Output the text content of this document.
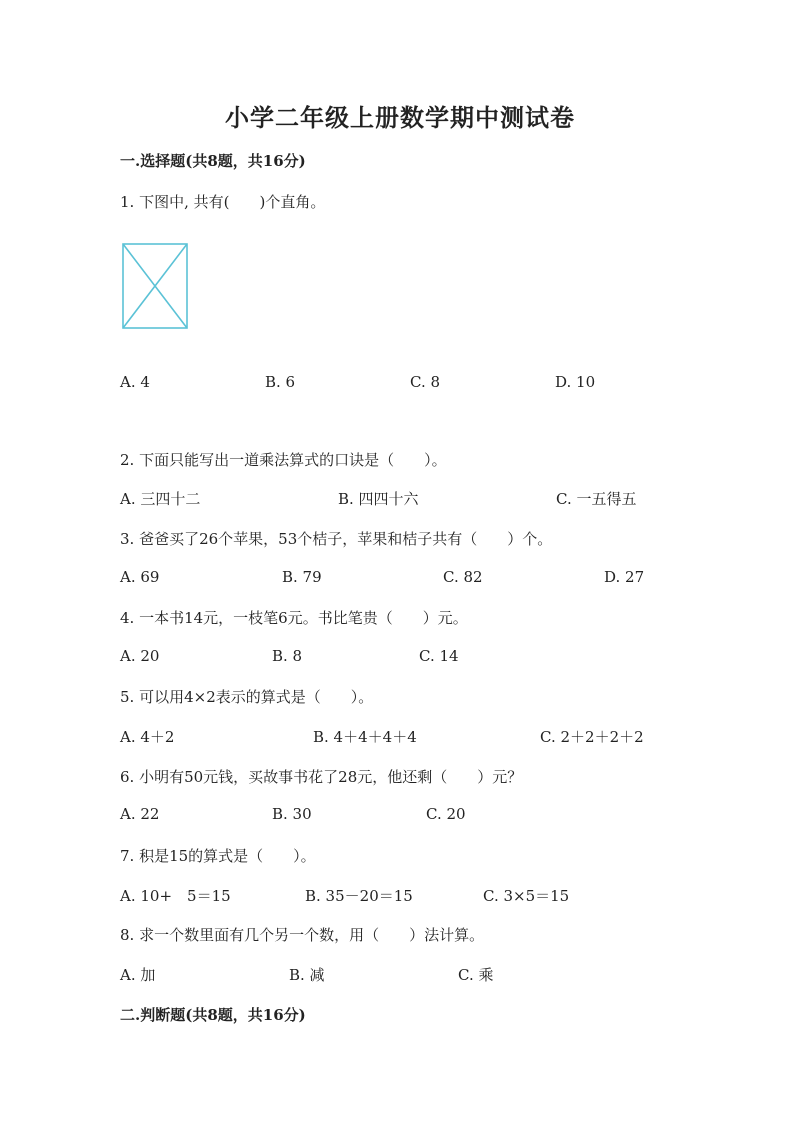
小学二年级上册数学期中测试卷

一.选择题(共8题，共16分)

1. 下图中, 共有(　　)个直角。

A. 4	B. 6	C. 8	D. 10

2. 下面只能写出一道乘法算式的口诀是（　　）。

A. 三四十二	B. 四四十六	C. 一五得五

3. 爸爸买了26个苹果，53个桔子，苹果和桔子共有（　　）个。

A. 69	B. 79	C. 82	D. 27

4. 一本书14元，一枝笔6元。书比笔贵（　　）元。

A. 20	B. 8	C. 14

5. 可以用4×2表示的算式是（　　）。

A. 4＋2	B. 4＋4＋4＋4	C. 2＋2＋2＋2

6. 小明有50元钱，买故事书花了28元，他还剩（　　）元？

A. 22	B. 30	C. 20

7. 积是15的算式是（　　）。

A. 10+　5＝15	B. 35－20＝15	C. 3×5＝15

8. 求一个数里面有几个另一个数，用（　　）法计算。

A. 加	B. 减	C. 乘

二.判断题(共8题，共16分)
